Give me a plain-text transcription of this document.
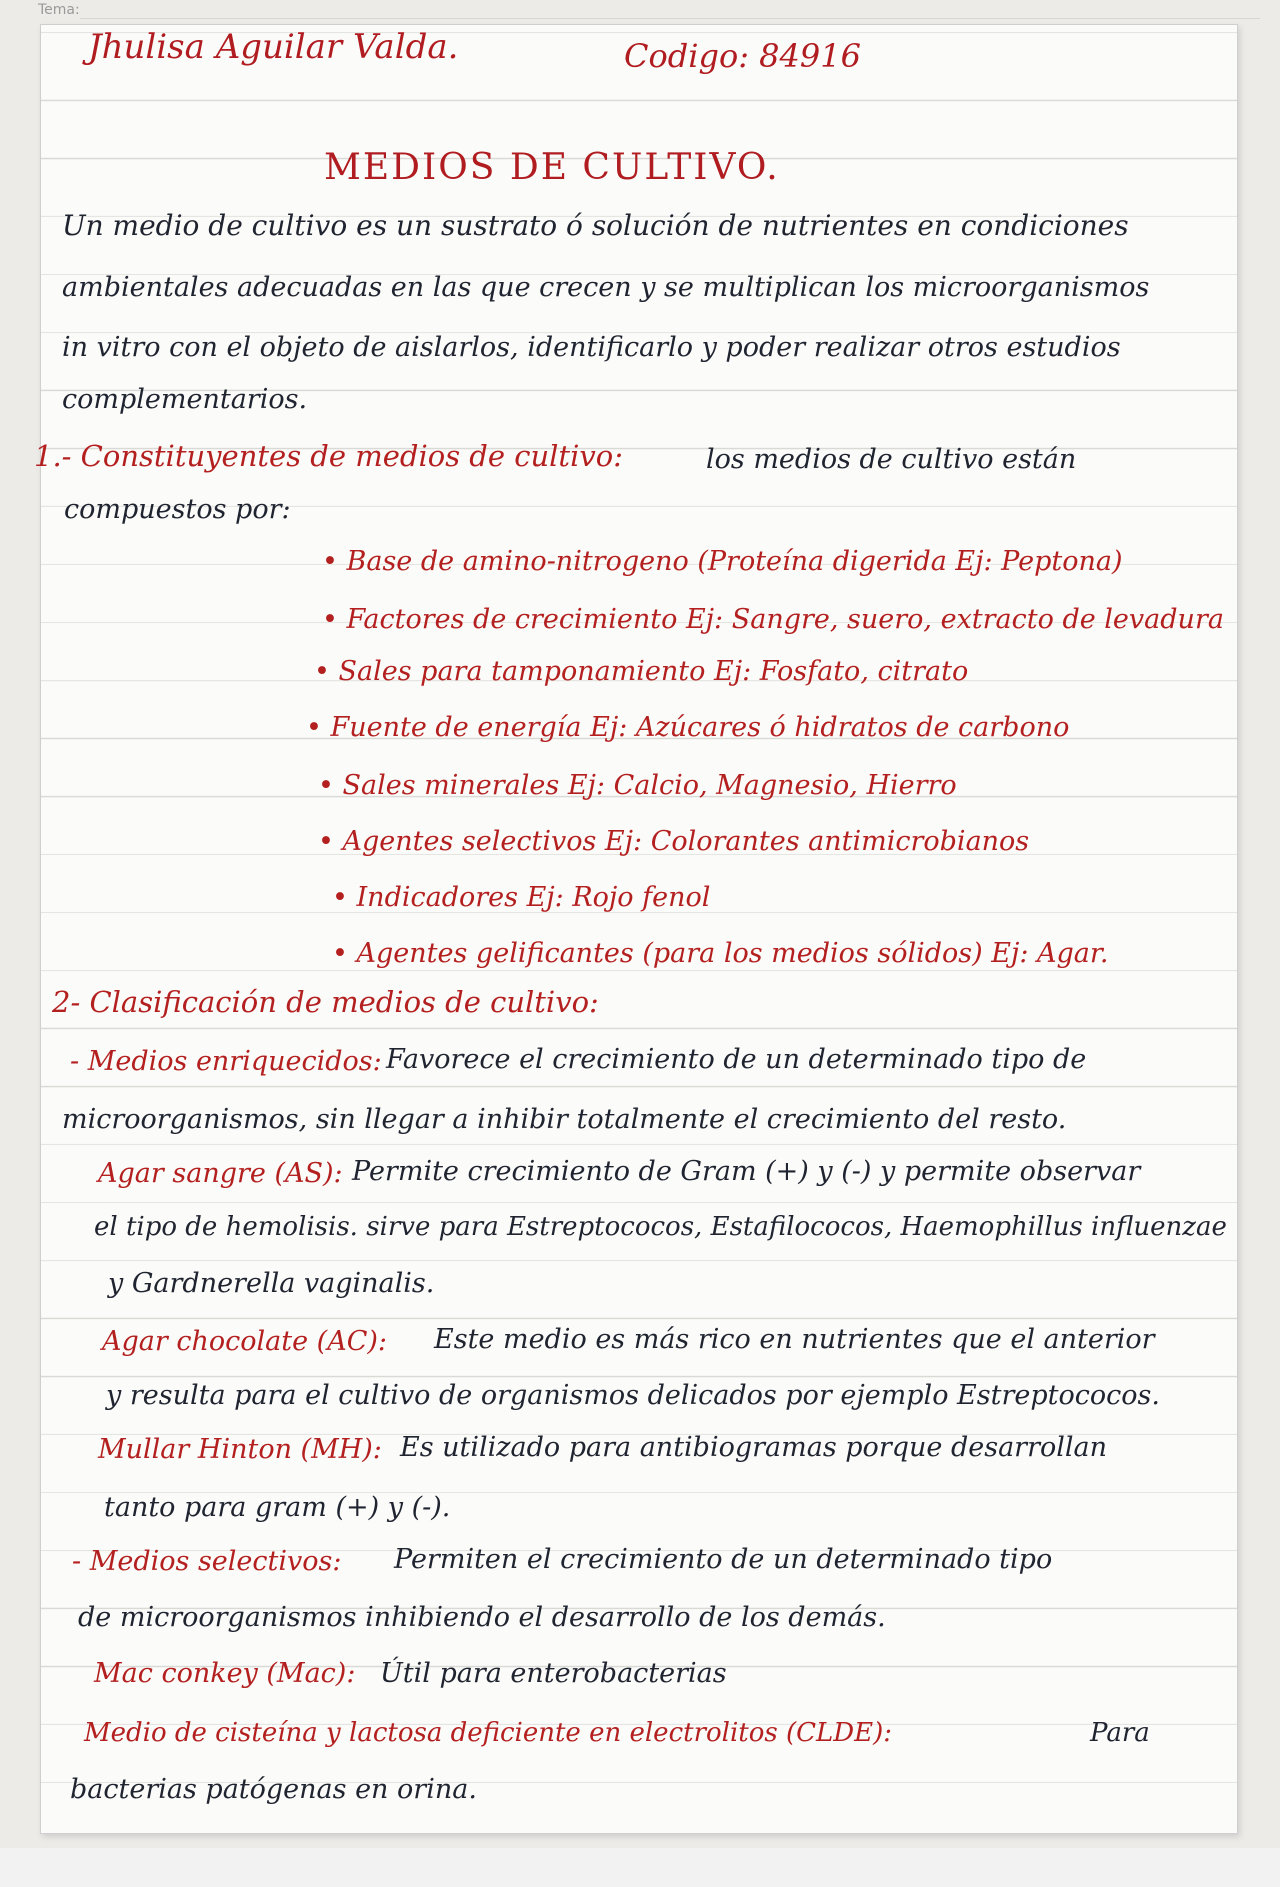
Tema:
Jhulisa Aguilar Valda.	Codigo: 84916
MEDIOS DE CULTIVO.
Un medio de cultivo es un sustrato ó solución de nutrientes en condiciones
ambientales adecuadas en las que crecen y se multiplican los microorganismos
in vitro con el objeto de aislarlos, identificarlo y poder realizar otros estudios
complementarios.
1.- Constituyentes de medios de cultivo:	los medios de cultivo están
compuestos por:
• Base de amino-nitrogeno (Proteína digerida Ej: Peptona)
• Factores de crecimiento Ej: Sangre, suero, extracto de levadura
• Sales para tamponamiento Ej: Fosfato, citrato
• Fuente de energía Ej: Azúcares ó hidratos de carbono
• Sales minerales Ej: Calcio, Magnesio, Hierro
• Agentes selectivos Ej: Colorantes antimicrobianos
• Indicadores Ej: Rojo fenol
• Agentes gelificantes (para los medios sólidos) Ej: Agar.
2- Clasificación de medios de cultivo:
- Medios enriquecidos: Favorece el crecimiento de un determinado tipo de
microorganismos, sin llegar a inhibir totalmente el crecimiento del resto.
Agar sangre (AS): Permite crecimiento de Gram (+) y (-) y permite observar
el tipo de hemolisis. sirve para Estreptococos, Estafilococos, Haemophillus influenzae
y Gardnerella vaginalis.
Agar chocolate (AC): Este medio es más rico en nutrientes que el anterior
y resulta para el cultivo de organismos delicados por ejemplo Estreptococos.
Mullar Hinton (MH): Es utilizado para antibiogramas porque desarrollan
tanto para gram (+) y (-).
- Medios selectivos: Permiten el crecimiento de un determinado tipo
de microorganismos inhibiendo el desarrollo de los demás.
Mac conkey (Mac): Útil para enterobacterias
Medio de cisteína y lactosa deficiente en electrolitos (CLDE):	Para
bacterias patógenas en orina.
